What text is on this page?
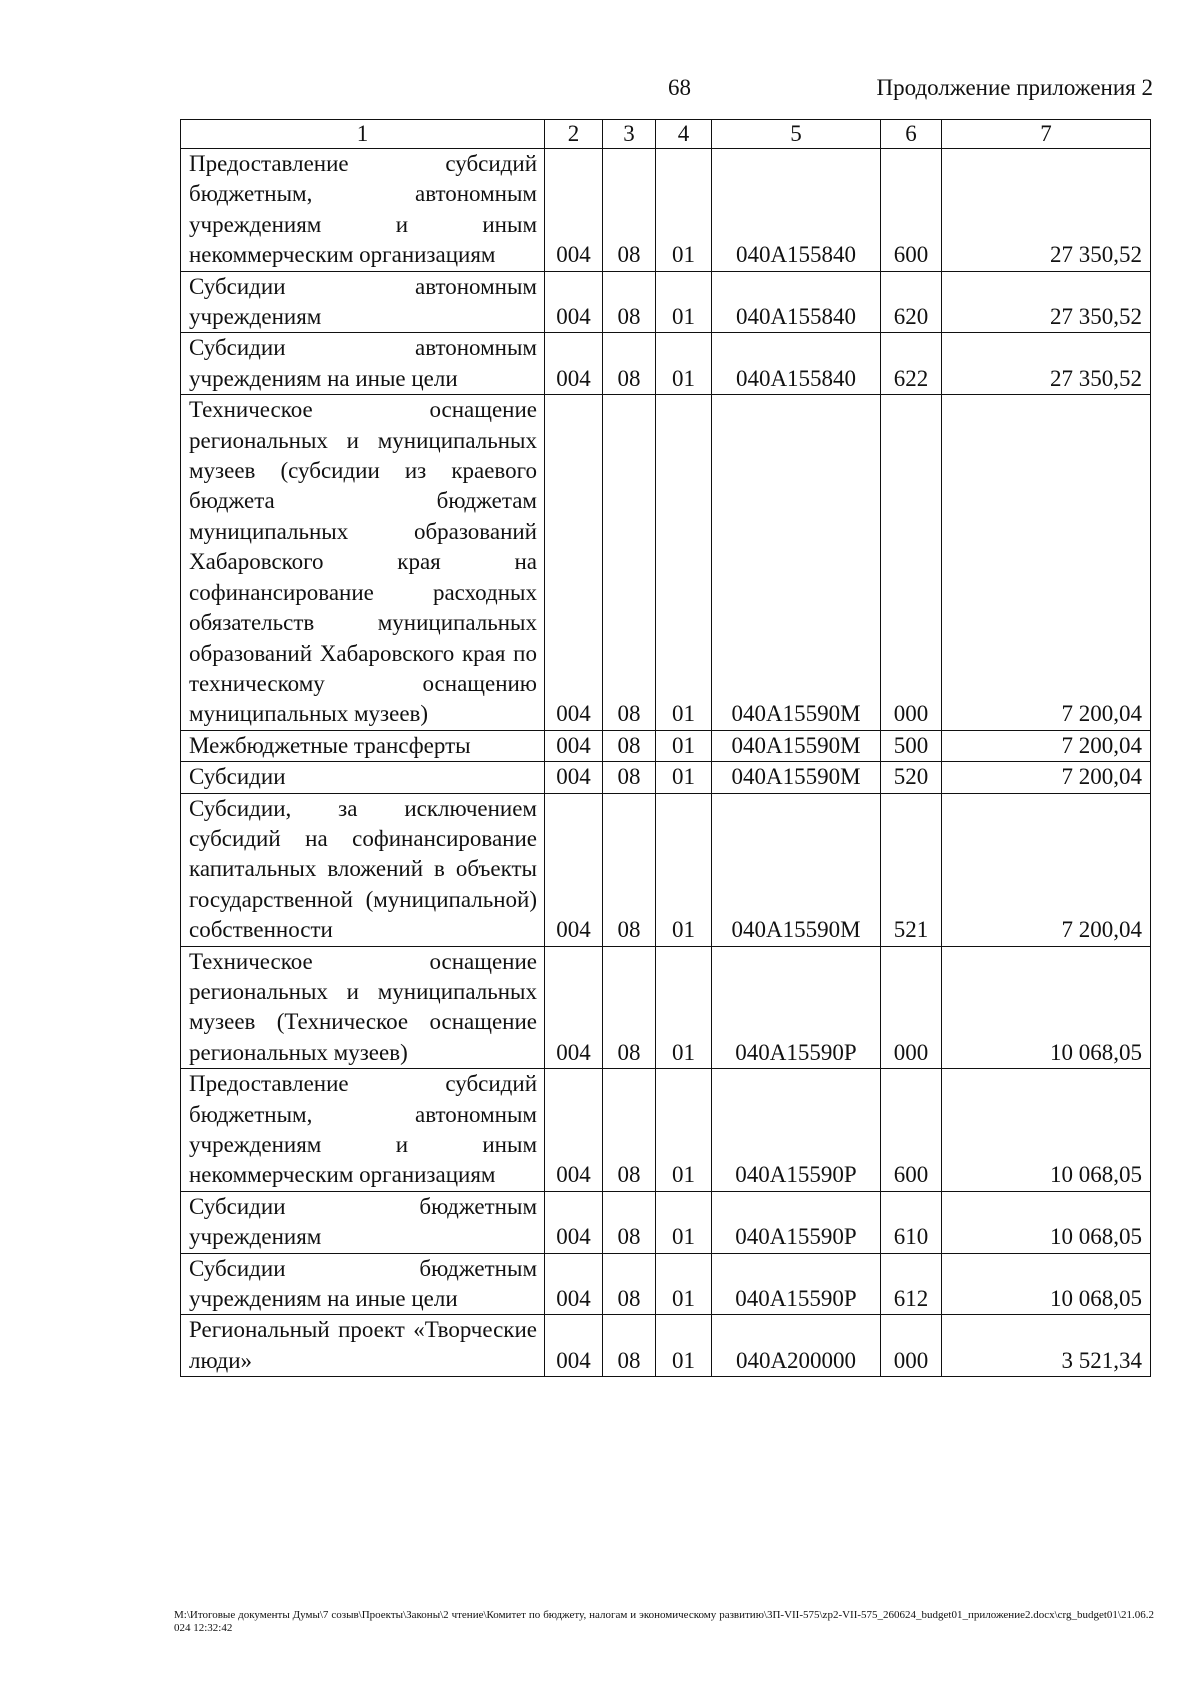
68	Продолжение приложения 2
1	2	3	4	5	6	7
Предоставление субсидий бюджетным, автономным учреждениям и иным некоммерческим организациям	004	08	01	040A155840	600	27 350,52
Субсидии автономным учреждениям	004	08	01	040A155840	620	27 350,52
Субсидии автономным учреждениям на иные цели	004	08	01	040A155840	622	27 350,52
Техническое оснащение региональных и муниципальных музеев (субсидии из краевого бюджета бюджетам муниципальных образований Хабаровского края на софинансирование расходных обязательств муниципальных образований Хабаровского края по техническому оснащению муниципальных музеев)	004	08	01	040A15590M	000	7 200,04
Межбюджетные трансферты	004	08	01	040A15590M	500	7 200,04
Субсидии	004	08	01	040A15590M	520	7 200,04
Субсидии, за исключением субсидий на софинансирование капитальных вложений в объекты государственной (муниципальной) собственности	004	08	01	040A15590M	521	7 200,04
Техническое оснащение региональных и муниципальных музеев (Техническое оснащение региональных музеев)	004	08	01	040A15590P	000	10 068,05
Предоставление субсидий бюджетным, автономным учреждениям и иным некоммерческим организациям	004	08	01	040A15590P	600	10 068,05
Субсидии бюджетным учреждениям	004	08	01	040A15590P	610	10 068,05
Субсидии бюджетным учреждениям на иные цели	004	08	01	040A15590P	612	10 068,05
Региональный проект «Творческие люди»	004	08	01	040A200000	000	3 521,34
M:\Итоговые документы Думы\7 созыв\Проекты\Законы\2 чтение\Комитет по бюджету, налогам и экономическому развитию\3П-VII-575\zp2-VII-575_260624_budget01_приложение2.docx\crg_budget01\21.06.2024 12:32:42
